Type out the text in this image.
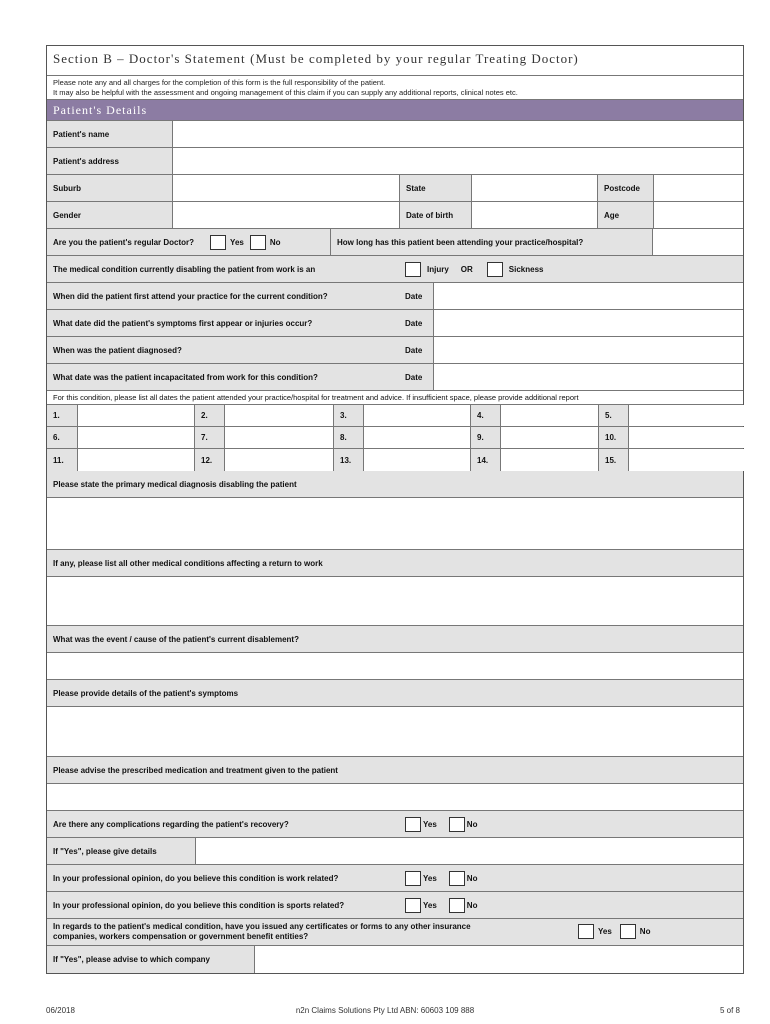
Section B – Doctor's Statement (Must be completed by your regular Treating Doctor)
Please note any and all charges for the completion of this form is the full responsibility of the patient.
It may also be helpful with the assessment and ongoing management of this claim if you can supply any additional reports, clinical notes etc.
Patient's Details
Patient's name
Patient's address
Suburb	State	Postcode
Gender	Date of birth	Age
Are you the patient's regular Doctor?	Yes	No	How long has this patient been attending your practice/hospital?
The medical condition currently disabling the patient from work is an	Injury OR	Sickness
When did the patient first attend your practice for the current condition?	Date
What date did the patient's symptoms first appear or injuries occur?	Date
When was the patient diagnosed?	Date
What date was the patient incapacitated from work for this condition?	Date
For this condition, please list all dates the patient attended your practice/hospital for treatment and advice. If insufficient space, please provide additional report
1.	2.	3.	4.	5.
6.	7.	8.	9.	10.
11.	12.	13.	14.	15.
Please state the primary medical diagnosis disabling the patient
If any, please list all other medical conditions affecting a return to work
What was the event / cause of the patient's current disablement?
Please provide details of the patient's symptoms
Please advise the prescribed medication and treatment given to the patient
Are there any complications regarding the patient's recovery?	Yes	No
If "Yes", please give details
In your professional opinion, do you believe this condition is work related?	Yes	No
In your professional opinion, do you believe this condition is sports related?	Yes	No
In regards to the patient's medical condition, have you issued any certificates or forms to any other insurance
companies, workers compensation or government benefit entities?
Yes	No
If "Yes", please advise to which company
06/2018	n2n Claims Solutions Pty Ltd ABN: 60603 109 888	5 of 8
